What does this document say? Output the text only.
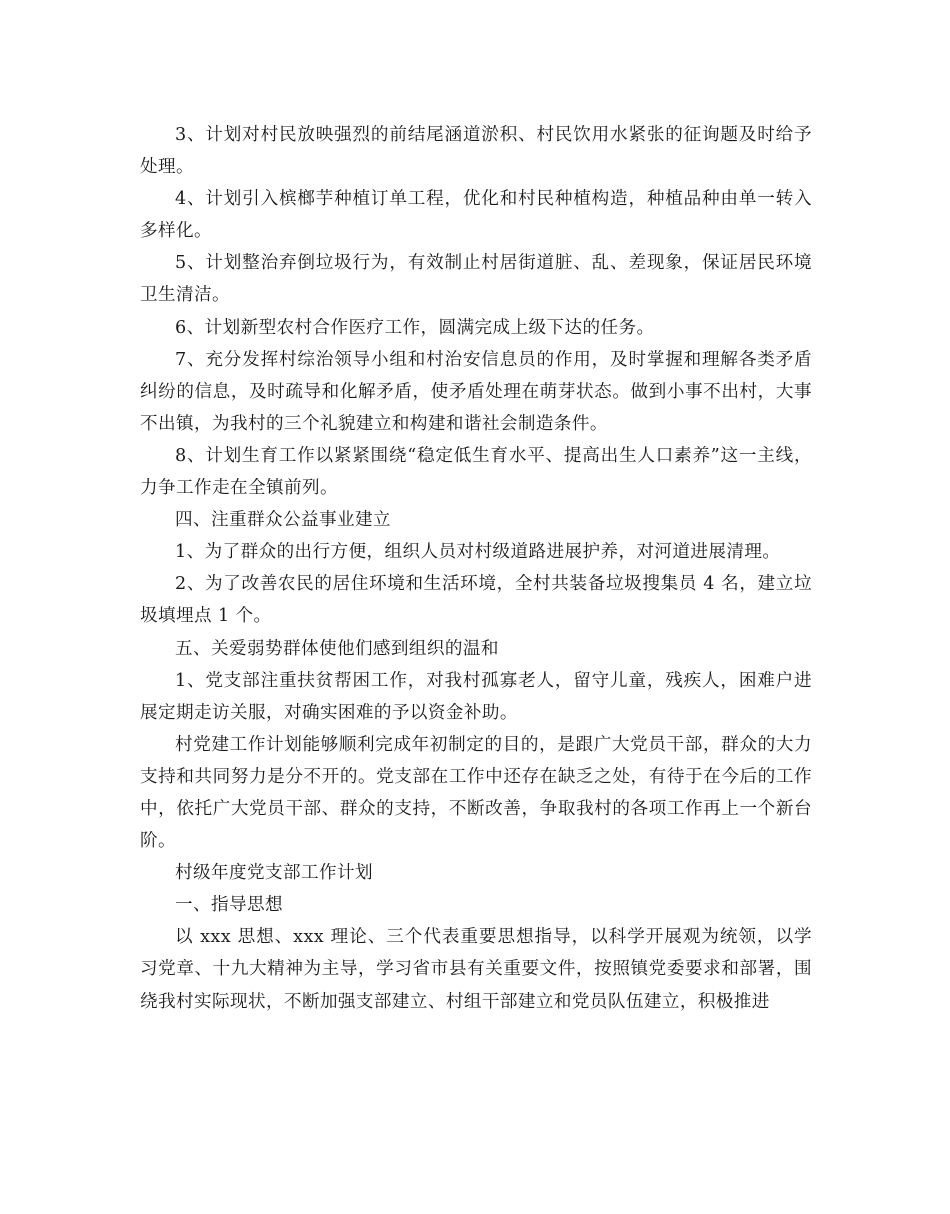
3、计划对村民放映强烈的前结尾涵道淤积、村民饮用水紧张的征询题及时给予处理。

4、计划引入槟榔芋种植订单工程，优化和村民种植构造，种植品种由单一转入多样化。

5、计划整治弃倒垃圾行为，有效制止村居街道脏、乱、差现象，保证居民环境卫生清洁。

6、计划新型农村合作医疗工作，圆满完成上级下达的任务。

7、充分发挥村综治领导小组和村治安信息员的作用，及时掌握和理解各类矛盾纠纷的信息，及时疏导和化解矛盾，使矛盾处理在萌芽状态。做到小事不出村，大事不出镇，为我村的三个礼貌建立和构建和谐社会制造条件。

8、计划生育工作以紧紧围绕“稳定低生育水平、提高出生人口素养”这一主线，力争工作走在全镇前列。

四、注重群众公益事业建立

1、为了群众的出行方便，组织人员对村级道路进展护养，对河道进展清理。

2、为了改善农民的居住环境和生活环境，全村共装备垃圾搜集员 4 名，建立垃圾填埋点 1 个。

五、关爱弱势群体使他们感到组织的温和

1、党支部注重扶贫帮困工作，对我村孤寡老人，留守儿童，残疾人，困难户进展定期走访关服，对确实困难的予以资金补助。

村党建工作计划能够顺利完成年初制定的目的，是跟广大党员干部，群众的大力支持和共同努力是分不开的。党支部在工作中还存在缺乏之处，有待于在今后的工作中，依托广大党员干部、群众的支持，不断改善，争取我村的各项工作再上一个新台阶。

村级年度党支部工作计划

一、指导思想

以 xxx 思想、xxx 理论、三个代表重要思想指导，以科学开展观为统领，以学习党章、十九大精神为主导，学习省市县有关重要文件，按照镇党委要求和部署，围绕我村实际现状，不断加强支部建立、村组干部建立和党员队伍建立，积极推进
